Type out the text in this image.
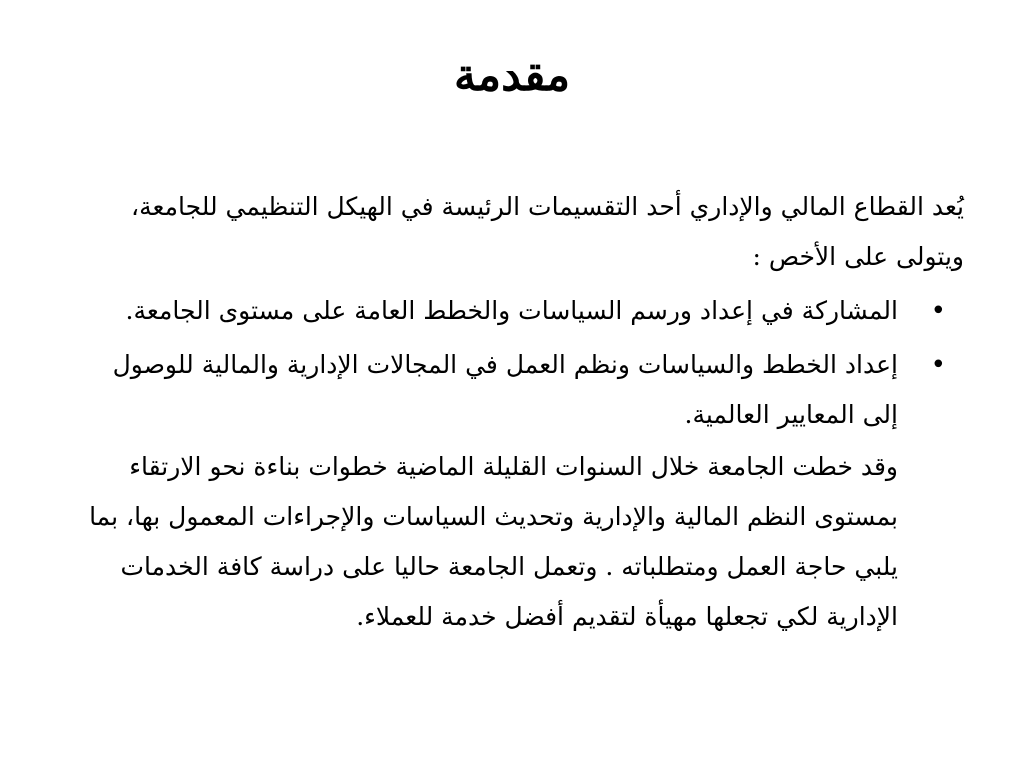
مقدمة

يُعد القطاع المالي والإداري أحد التقسيمات الرئيسة في الهيكل التنظيمي للجامعة، ويتولى على الأخص :

•
المشاركة في إعداد ورسم السياسات والخطط العامة على مستوى الجامعة.
•
إعداد الخطط والسياسات ونظم العمل في المجالات الإدارية والمالية للوصول إلى المعايير العالمية.

وقد خطت الجامعة خلال السنوات القليلة الماضية خطوات بناءة نحو الارتقاء بمستوى النظم المالية والإدارية وتحديث السياسات والإجراءات المعمول بها، بما يلبي حاجة العمل ومتطلباته . وتعمل الجامعة حاليا على دراسة كافة الخدمات الإدارية لكي تجعلها مهيأة لتقديم أفضل خدمة للعملاء.
